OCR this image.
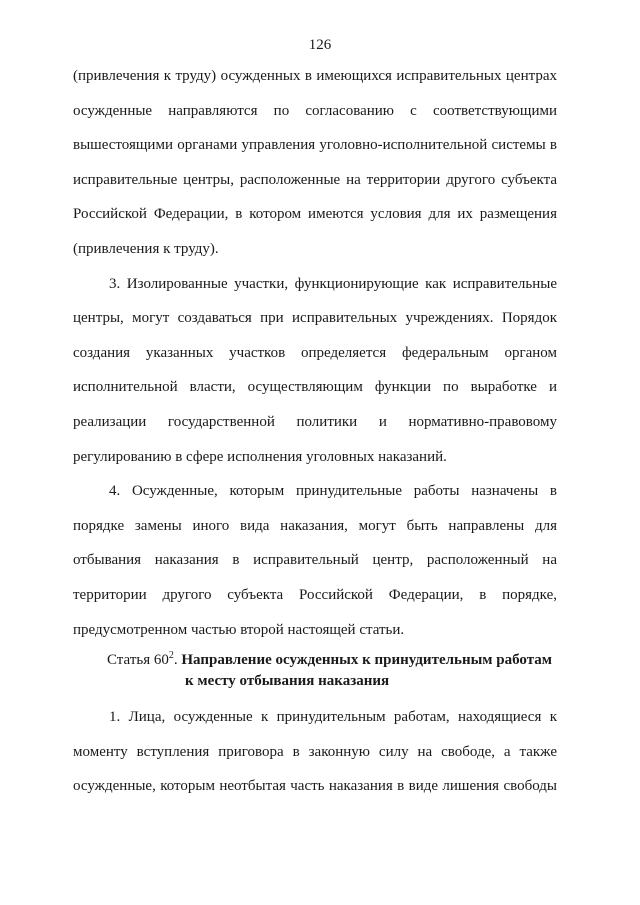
126
(привлечения к труду) осужденных в имеющихся исправительных центрах
осужденные направляются по согласованию с соответствующими
вышестоящими органами управления уголовно-исполнительной системы в
исправительные центры, расположенные на территории другого субъекта
Российской Федерации, в котором имеются условия для их размещения
(привлечения к труду).
3. Изолированные участки, функционирующие как исправительные
центры, могут создаваться при исправительных учреждениях. Порядок
создания указанных участков определяется федеральным органом
исполнительной власти, осуществляющим функции по выработке и
реализации государственной политики и нормативно-правовому
регулированию в сфере исполнения уголовных наказаний.
4. Осужденные, которым принудительные работы назначены в
порядке замены иного вида наказания, могут быть направлены для
отбывания наказания в исправительный центр, расположенный на
территории другого субъекта Российской Федерации, в порядке,
предусмотренном частью второй настоящей статьи.
Статья $60^2$. Направление осужденных к принудительным работам
к месту отбывания наказания
1. Лица, осужденные к принудительным работам, находящиеся к
моменту вступления приговора в законную силу на свободе, а также
осужденные, которым неотбытая часть наказания в виде лишения свободы
